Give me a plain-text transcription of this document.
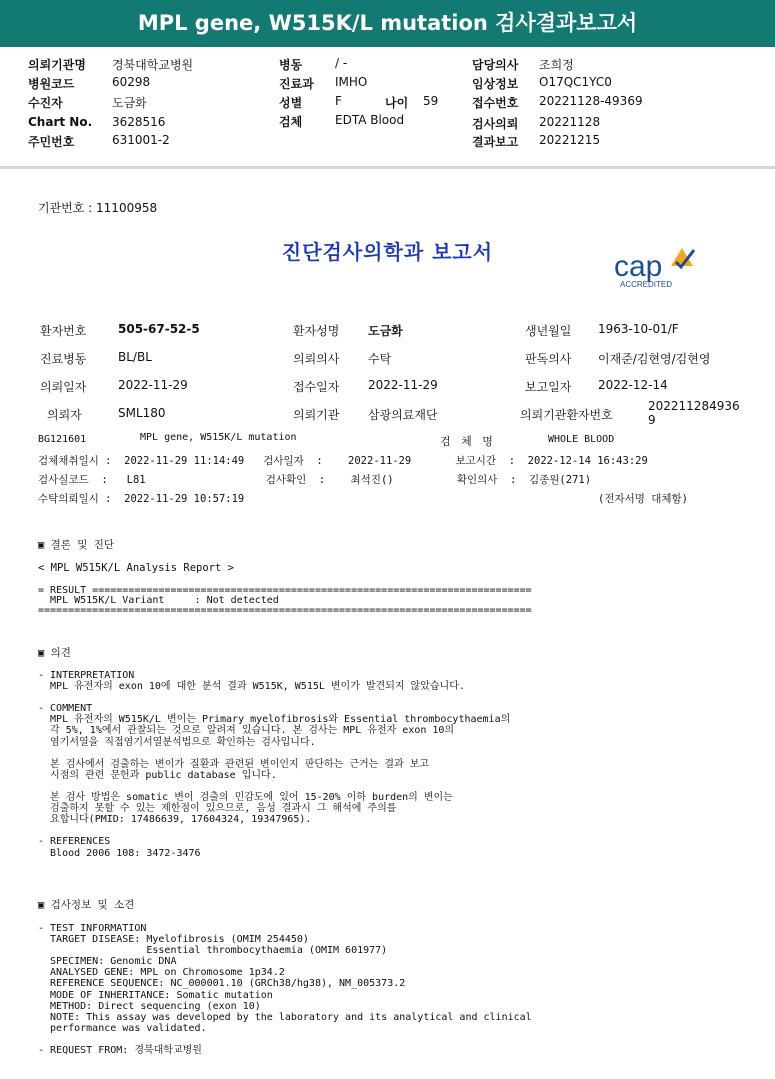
MPL gene, W515K/L mutation 검사결과보고서
의뢰기관명 경북대학교병원
병원코드	60298
수진자	도금화
Chart No. 3628516
주민번호	631001-2
병동	/ -
진료과 IMHO
성별	F	나이 59
검체	EDTA Blood
담당의사 조희정
임상정보 O17QC1YC0
접수번호 20221128-49369
검사의뢰 20221128
결과보고 20221215
기관번호 : 11100958
진단검사의학과 보고서	cap
ACCREDITED
환자번호	505-67-52-5	환자성명 도금화	생년월일 1963-10-01/F
진료병동	BL/BL	의뢰의사 수탁	판독의사 이재준/김현영/김현영
의뢰일자	2022-11-29	접수일자 2022-11-29	보고일자 2022-12-14
의뢰자	SML180	의뢰기관 삼광의료재단	의뢰기관환자번호
202211284936
9
BG121601	MPL gene, W515K/L mutation	검   체   명	WHOLE BLOOD
검체채취일시 :  2022-11-29 11:14:49   검사일자  :    2022-11-29       보고시간  :  2022-12-14 16:43:29
검사실코드  :   L81                   검사확인  :    최석진()          확인의사  :  김종원(271)
수탁의뢰일시 :  2022-11-29 10:57:19	(전자서명 대체함)
▣ 결론 및 진단
< MPL W515K/L Analysis Report >
= RESULT =========================================================================
MPL W515K/L Variant     : Not detected
==================================================================================
▣ 의견
- INTERPRETATION
MPL 유전자의 exon 10에 대한 분석 결과 W515K, W515L 변이가 발견되지 않았습니다.

- COMMENT
MPL 유전자의 W515K/L 변이는 Primary myelofibrosis와 Essential thrombocythaemia의
각 5%, 1%에서 관찰되는 것으로 알려져 있습니다. 본 검사는 MPL 유전자 exon 10의
염기서열을 직접염기서열분석법으로 확인하는 검사입니다.

본 검사에서 검출하는 변이가 질환과 관련된 변이인지 판단하는 근거는 결과 보고
시점의 관련 문헌과 public database 입니다.

본 검사 방법은 somatic 변이 검출의 민감도에 있어 15-20% 이하 burden의 변이는
검출하지 못할 수 있는 제한점이 있으므로, 음성 결과시 그 해석에 주의를
요합니다(PMID: 17486639, 17604324, 19347965).

- REFERENCES
Blood 2006 108: 3472-3476
▣ 검사정보 및 소견
- TEST INFORMATION
TARGET DISEASE: Myelofibrosis (OMIM 254450)
Essential thrombocythaemia (OMIM 601977)
SPECIMEN: Genomic DNA
ANALYSED GENE: MPL on Chromosome 1p34.2
REFERENCE SEQUENCE: NC_000001.10 (GRCh38/hg38), NM_005373.2
MODE OF INHERITANCE: Somatic mutation
METHOD: Direct sequencing (exon 10)
NOTE: This assay was developed by the laboratory and its analytical and clinical
performance was validated.

- REQUEST FROM: 경북대학교병원
